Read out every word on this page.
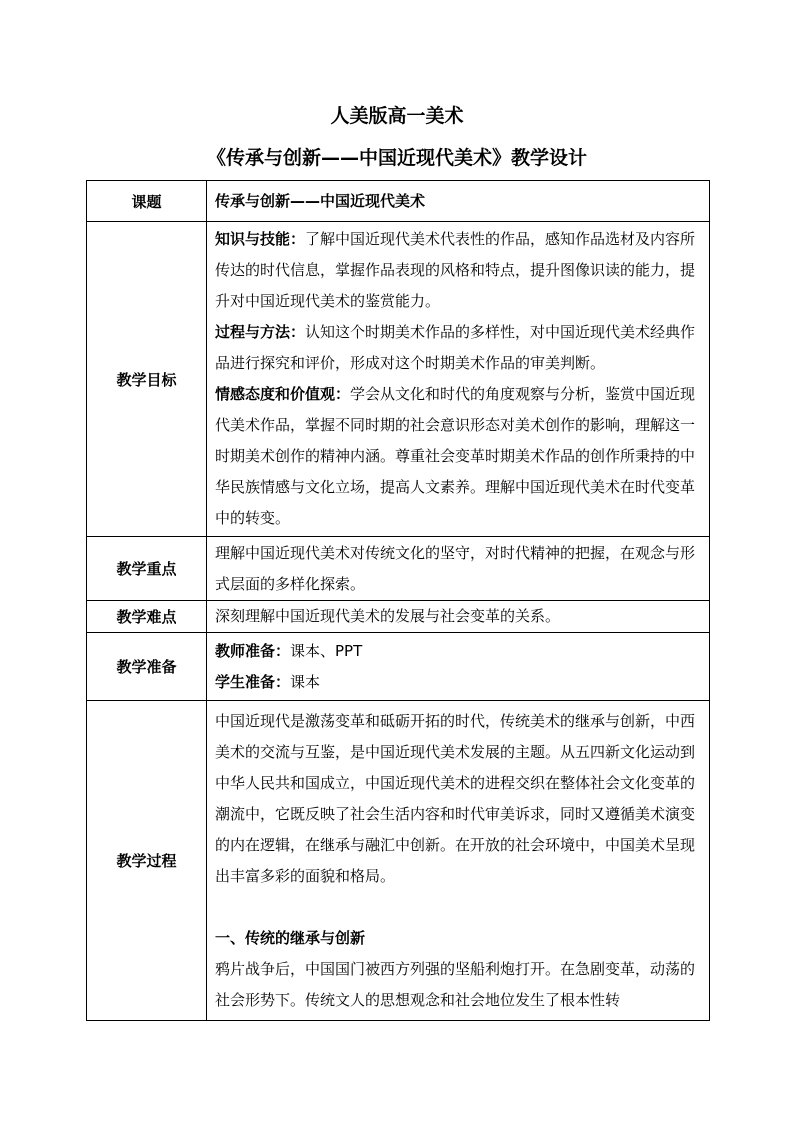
人美版高一美术
《传承与创新——中国近现代美术》教学设计
课题	传承与创新——中国近现代美术
教学目标	知识与技能：了解中国近现代美术代表性的作品，感知作品选材及内容所传达的时代信息，掌握作品表现的风格和特点，提升图像识读的能力，提升对中国近现代美术的鉴赏能力。
过程与方法：认知这个时期美术作品的多样性，对中国近现代美术经典作品进行探究和评价，形成对这个时期美术作品的审美判断。
情感态度和价值观：学会从文化和时代的角度观察与分析，鉴赏中国近现代美术作品，掌握不同时期的社会意识形态对美术创作的影响，理解这一时期美术创作的精神内涵。尊重社会变革时期美术作品的创作所秉持的中华民族情感与文化立场，提高人文素养。理解中国近现代美术在时代变革中的转变。

教学重点	理解中国近现代美术对传统文化的坚守，对时代精神的把握，在观念与形式层面的多样化探索。
教学难点	深刻理解中国近现代美术的发展与社会变革的关系。
教学准备	教师准备：课本、PPT
学生准备：课本

教学过程	中国近现代是激荡变革和砥砺开拓的时代，传统美术的继承与创新，中西美术的交流与互鉴，是中国近现代美术发展的主题。从五四新文化运动到中华人民共和国成立，中国近现代美术的进程交织在整体社会文化变革的潮流中，它既反映了社会生活内容和时代审美诉求，同时又遵循美术演变的内在逻辑，在继承与融汇中创新。在开放的社会环境中，中国美术呈现出丰富多彩的面貌和格局。
一、传统的继承与创新
鸦片战争后，中国国门被西方列强的坚船利炮打开。在急剧变革，动荡的社会形势下。传统文人的思想观念和社会地位发生了根本性转
